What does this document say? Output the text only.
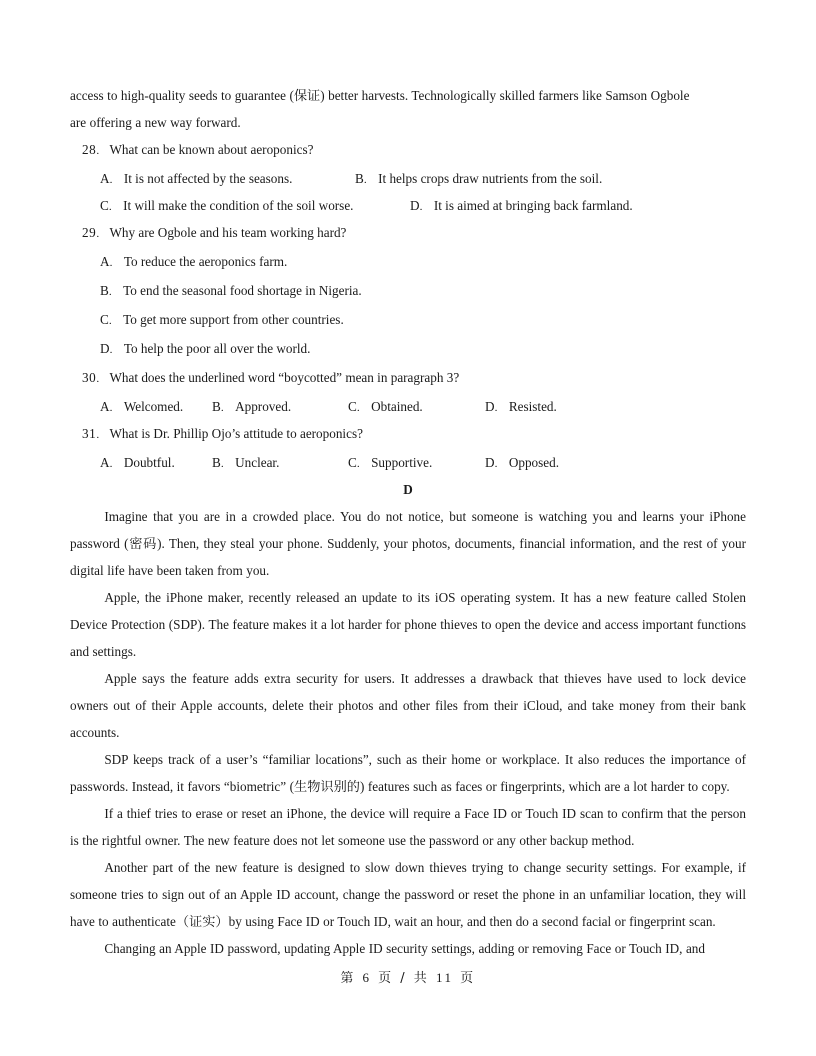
access to high-quality seeds to guarantee (保证) better harvests. Technologically skilled farmers like Samson Ogbole

are offering a new way forward.

28． What can be known about aeroponics?

A． It is not affected by the seasons.	B． It helps crops draw nutrients from the soil.
C． It will make the condition of the soil worse.	D． It is aimed at bringing back farmland.

29． Why are Ogbole and his team working hard?

A． To reduce the aeroponics farm.

B． To end the seasonal food shortage in Nigeria.

C． To get more support from other countries.

D． To help the poor all over the world.

30． What does the underlined word “boycotted” mean in paragraph 3?

A． Welcomed. B． Approved.	C． Obtained.	D． Resisted.

31． What is Dr. Phillip Ojo’s attitude to aeroponics?

A． Doubtful.	B． Unclear.	C． Supportive.	D． Opposed.

D

Imagine that you are in a crowded place. You do not notice, but someone is watching you and learns your iPhone password (密码). Then, they steal your phone. Suddenly, your photos, documents, financial information, and the rest of your digital life have been taken from you.

Apple, the iPhone maker, recently released an update to its iOS operating system. It has a new feature called Stolen Device Protection (SDP). The feature makes it a lot harder for phone thieves to open the device and access important functions and settings.

Apple says the feature adds extra security for users. It addresses a drawback that thieves have used to lock device owners out of their Apple accounts, delete their photos and other files from their iCloud, and take money from their bank accounts.

SDP keeps track of a user’s “familiar locations”, such as their home or workplace. It also reduces the importance of passwords. Instead, it favors “biometric” (生物识别的) features such as faces or fingerprints, which are a lot harder to copy.

If a thief tries to erase or reset an iPhone, the device will require a Face ID or Touch ID scan to confirm that the person is the rightful owner. The new feature does not let someone use the password or any other backup method.

Another part of the new feature is designed to slow down thieves trying to change security settings. For example, if someone tries to sign out of an Apple ID account, change the password or reset the phone in an unfamiliar location, they will have to authenticate（证实）by using Face ID or Touch ID, wait an hour, and then do a second facial or fingerprint scan.

Changing an Apple ID password, updating Apple ID security settings, adding or removing Face or Touch ID, and

第 6 页 / 共 11 页
